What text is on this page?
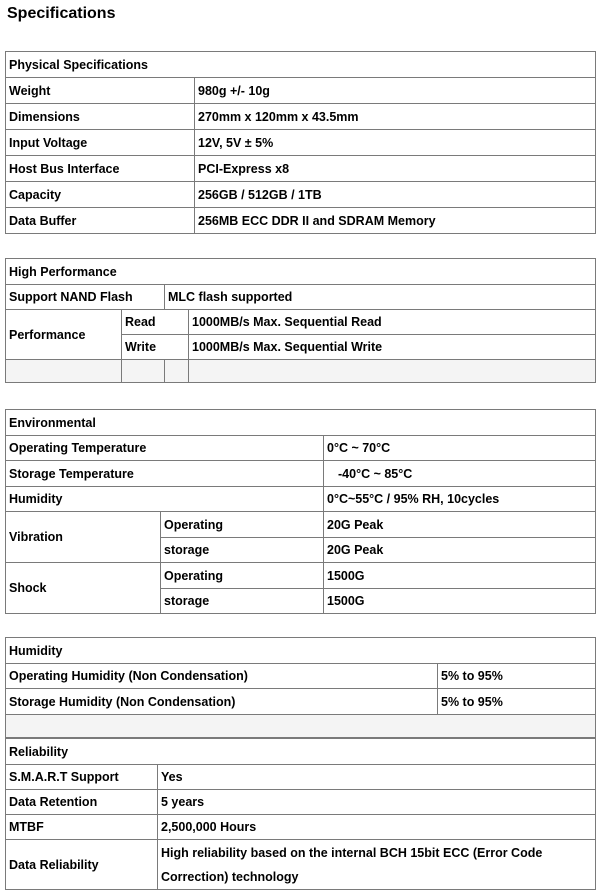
Specifications
Physical Specifications	
Weight	980g +/- 10g
Dimensions	270mm x 120mm x 43.5mm
Input Voltage	12V, 5V ± 5%
Host Bus Interface	PCI-Express x8
Capacity	256GB / 512GB / 1TB
Data Buffer	256MB ECC DDR II and SDRAM Memory
High Performance			
Support NAND Flash		MLC flash supported	
Performance	Read		1000MB/s Max. Sequential Read
	Write		1000MB/s Max. Sequential Write

Environmental		
Operating Temperature		0°C ~ 70°C
Storage Temperature		-40°C ~ 85°C
Humidity		0°C~55°C / 95% RH, 10cycles
Vibration	Operating	20G Peak
	storage	20G Peak
Shock	Operating	1500G
	storage	1500G
Humidity	
Operating Humidity (Non Condensation)	5% to 95%
Storage Humidity (Non Condensation)	5% to 95%

Reliability	
S.M.A.R.T Support	Yes
Data Retention	5 years
MTBF	2,500,000 Hours
Data Reliability	High reliability based on the internal BCH 15bit ECC (Error Code Correction) technology
